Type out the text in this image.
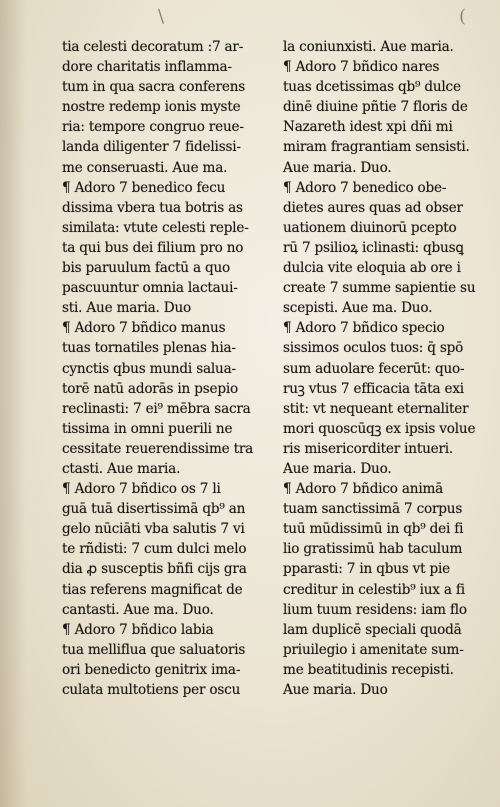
\	(
tia celesti decoratum :7 ar-
dore charitatis inflamma-
tum in qua sacra conferens
nostre redemp ionis myste
ria: tempore congruo reue-
landa diligenter 7 fidelissi-
me conseruasti. Aue ma.
¶ Adoro 7 benedico fecu
dissima vbera tua botris as
similata: vtute celesti reple-
ta qui bus dei filium pro no
bis paruulum factū a quo
pascuuntur omnia lactaui-
sti. Aue maria. Duo
¶ Adoro 7 bñdico manus
tuas tornatiles plenas hia-
cynctis qbus mundi salua-
torē natū adorās in psepio
reclinasti: 7 ei⁹ mēbra sacra
tissima in omni puerili ne
cessitate reuerendissime tra
ctasti. Aue maria.
¶ Adoro 7 bñdico os 7 li
guā tuā disertissimā qb⁹ an
gelo nūciāti vba salutis 7 vi
te rñdisti: 7 cum dulci melo
dia ꝓ susceptis bñfi cijs gra
tias referens magnificat de
cantasti. Aue ma. Duo.
¶ Adoro 7 bñdico labia
tua melliflua que saluatoris
ori benedicto genitrix ima-
culata multotiens per oscu
la coniunxisti. Aue maria.
¶ Adoro 7 bñdico nares
tuas dcetissimas qb⁹ dulce
dinē diuine pñtie 7 floris de
Nazareth idest xpi dñi mi
miram fragrantiam sensisti.
Aue maria. Duo.
¶ Adoro 7 benedico obe-
dietes aures quas ad obser
uationem diuinorū pcepto
rū 7 psilioꝝ iclinasti: qbusꝗ
dulcia vite eloquia ab ore i
create 7 summe sapientie su
scepisti. Aue ma. Duo.
¶ Adoro 7 bñdico specio
sissimos oculos tuos: q̄ spō
sum aduolare fecerūt: quo-
ruꝫ vtus 7 efficacia tāta exi
stit: vt nequeant eternaliter
mori quoscūqꝫ ex ipsis volue
ris misericorditer intueri.
Aue maria. Duo.
¶ Adoro 7 bñdico animā
tuam sanctissimā 7 corpus
tuū mūdissimū in qb⁹ dei fi
lio gratissimū hab taculum
pparasti: 7 in qbus vt pie
creditur in celestib⁹ iux a fi
lium tuum residens: iam flo
lam duplicē speciali quodā
priuilegio i amenitate sum-
me beatitudinis recepisti.
Aue maria. Duo
